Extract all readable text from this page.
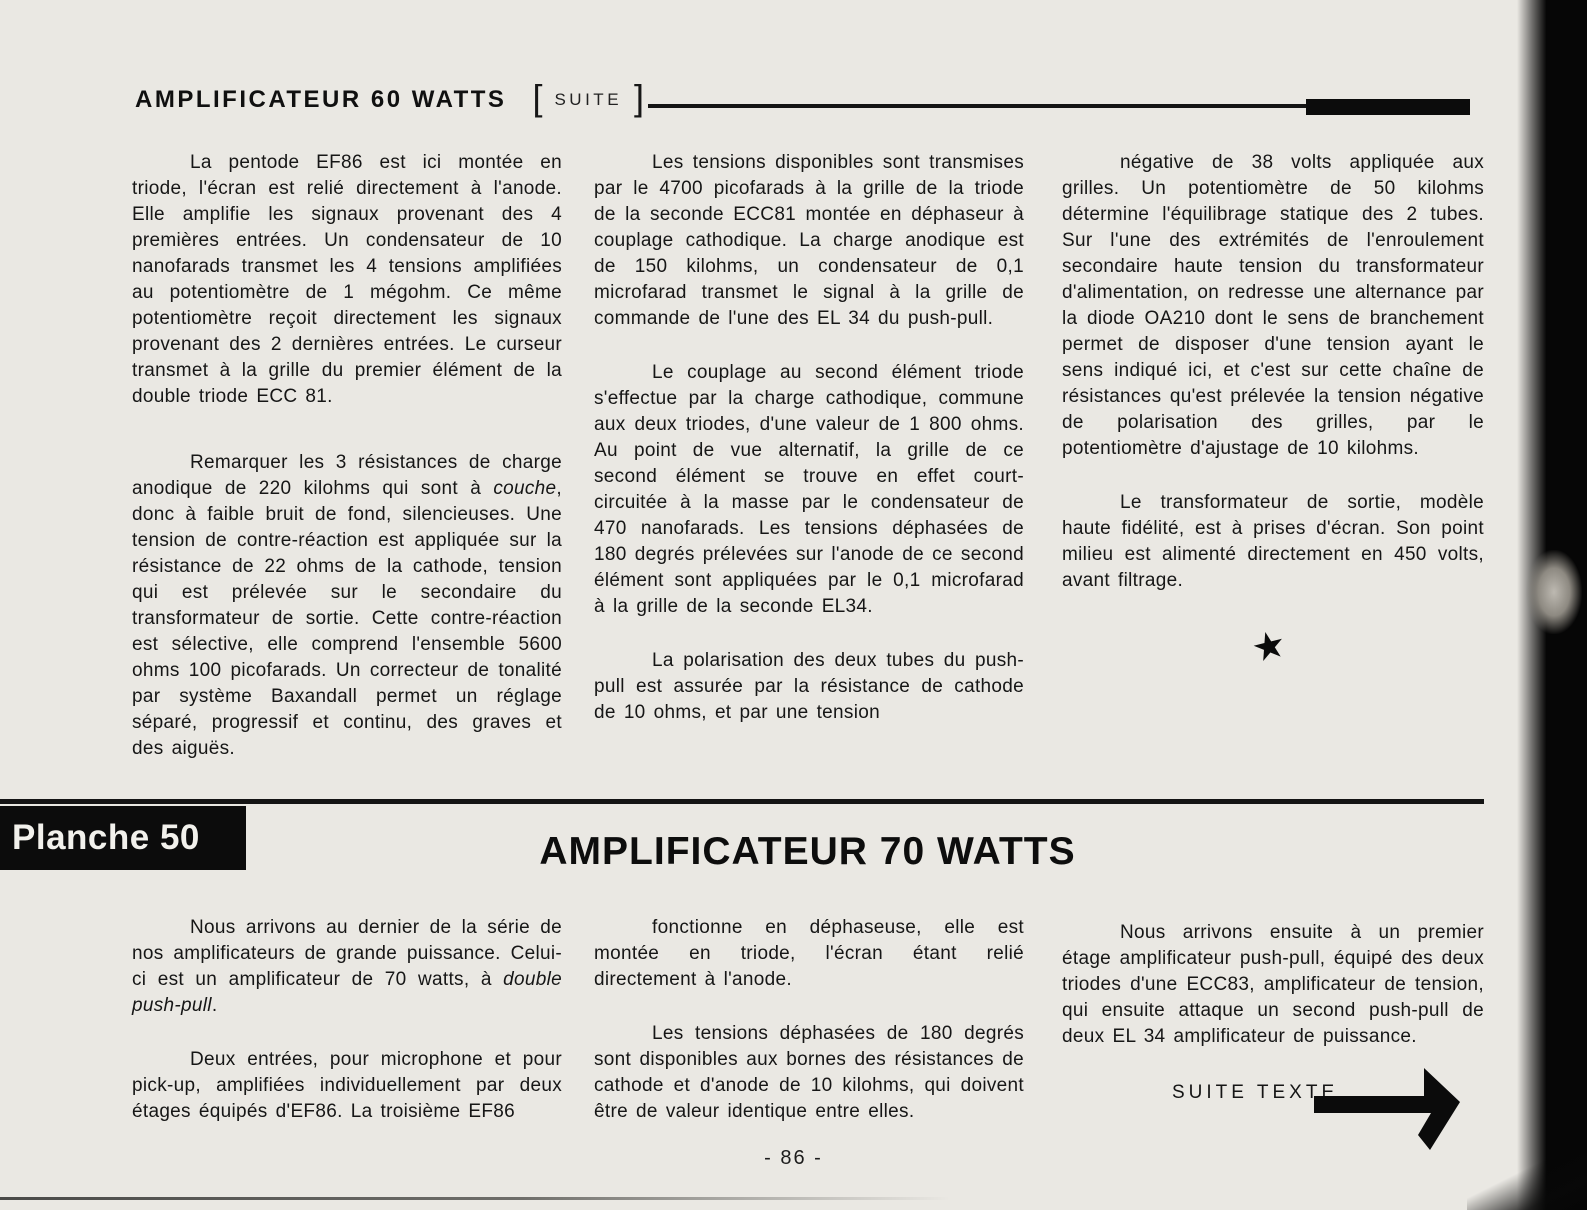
AMPLIFICATEUR 60 WATTS [ SUITE ]

La pentode EF86 est ici montée en triode, l'écran est relié directement à l'anode. Elle amplifie les signaux provenant des 4 premières entrées. Un condensateur de 10 nanofarads transmet les 4 tensions amplifiées au potentiomètre de 1 mégohm. Ce même potentiomètre reçoit directement les signaux provenant des 2 dernières entrées. Le curseur transmet à la grille du premier élément de la double triode ECC 81.

Remarquer les 3 résistances de charge anodique de 220 kilohms qui sont à couche, donc à faible bruit de fond, silencieuses. Une tension de contre-réaction est appliquée sur la résistance de 22 ohms de la cathode, tension qui est prélevée sur le secondaire du transformateur de sortie. Cette contre-réaction est sélective, elle comprend l'ensemble 5600 ohms 100 picofarads. Un correcteur de tonalité par système Baxandall permet un réglage séparé, progressif et continu, des graves et des aiguës.

Les tensions disponibles sont transmises par le 4700 picofarads à la grille de la triode de la seconde ECC81 montée en déphaseur à couplage cathodique. La charge anodique est de 150 kilohms, un condensateur de 0,1 microfarad transmet le signal à la grille de commande de l'une des EL 34 du push-pull.

Le couplage au second élément triode s'effectue par la charge cathodique, commune aux deux triodes, d'une valeur de 1 800 ohms. Au point de vue alternatif, la grille de ce second élément se trouve en effet court-circuitée à la masse par le condensateur de 470 nanofarads. Les tensions déphasées de 180 degrés prélevées sur l'anode de ce second élément sont appliquées par le 0,1 microfarad à la grille de la seconde EL34.

La polarisation des deux tubes du push-pull est assurée par la résistance de cathode de 10 ohms, et par une tension

négative de 38 volts appliquée aux grilles. Un potentiomètre de 50 kilohms détermine l'équilibrage statique des 2 tubes. Sur l'une des extrémités de l'enroulement secondaire haute tension du transformateur d'alimentation, on redresse une alternance par la diode OA210 dont le sens de branchement permet de disposer d'une tension ayant le sens indiqué ici, et c'est sur cette chaîne de résistances qu'est prélevée la tension négative de polarisation des grilles, par le potentiomètre d'ajustage de 10 kilohms.

Le transformateur de sortie, modèle haute fidélité, est à prises d'écran. Son point milieu est alimenté directement en 450 volts, avant filtrage.

★
Planche 50	AMPLIFICATEUR 70 WATTS

Nous arrivons au dernier de la série de nos amplificateurs de grande puissance. Celui-ci est un amplificateur de 70 watts, à double push-pull.

Deux entrées, pour microphone et pour pick-up, amplifiées individuellement par deux étages équipés d'EF86. La troisième EF86

fonctionne en déphaseuse, elle est montée en triode, l'écran étant relié directement à l'anode.

Les tensions déphasées de 180 degrés sont disponibles aux bornes des résistances de cathode et d'anode de 10 kilohms, qui doivent être de valeur identique entre elles.

Nous arrivons ensuite à un premier étage amplificateur push-pull, équipé des deux triodes d'une ECC83, amplificateur de tension, qui ensuite attaque un second push-pull de deux EL 34 amplificateur de puissance.

SUITE TEXTE
- 86 -
